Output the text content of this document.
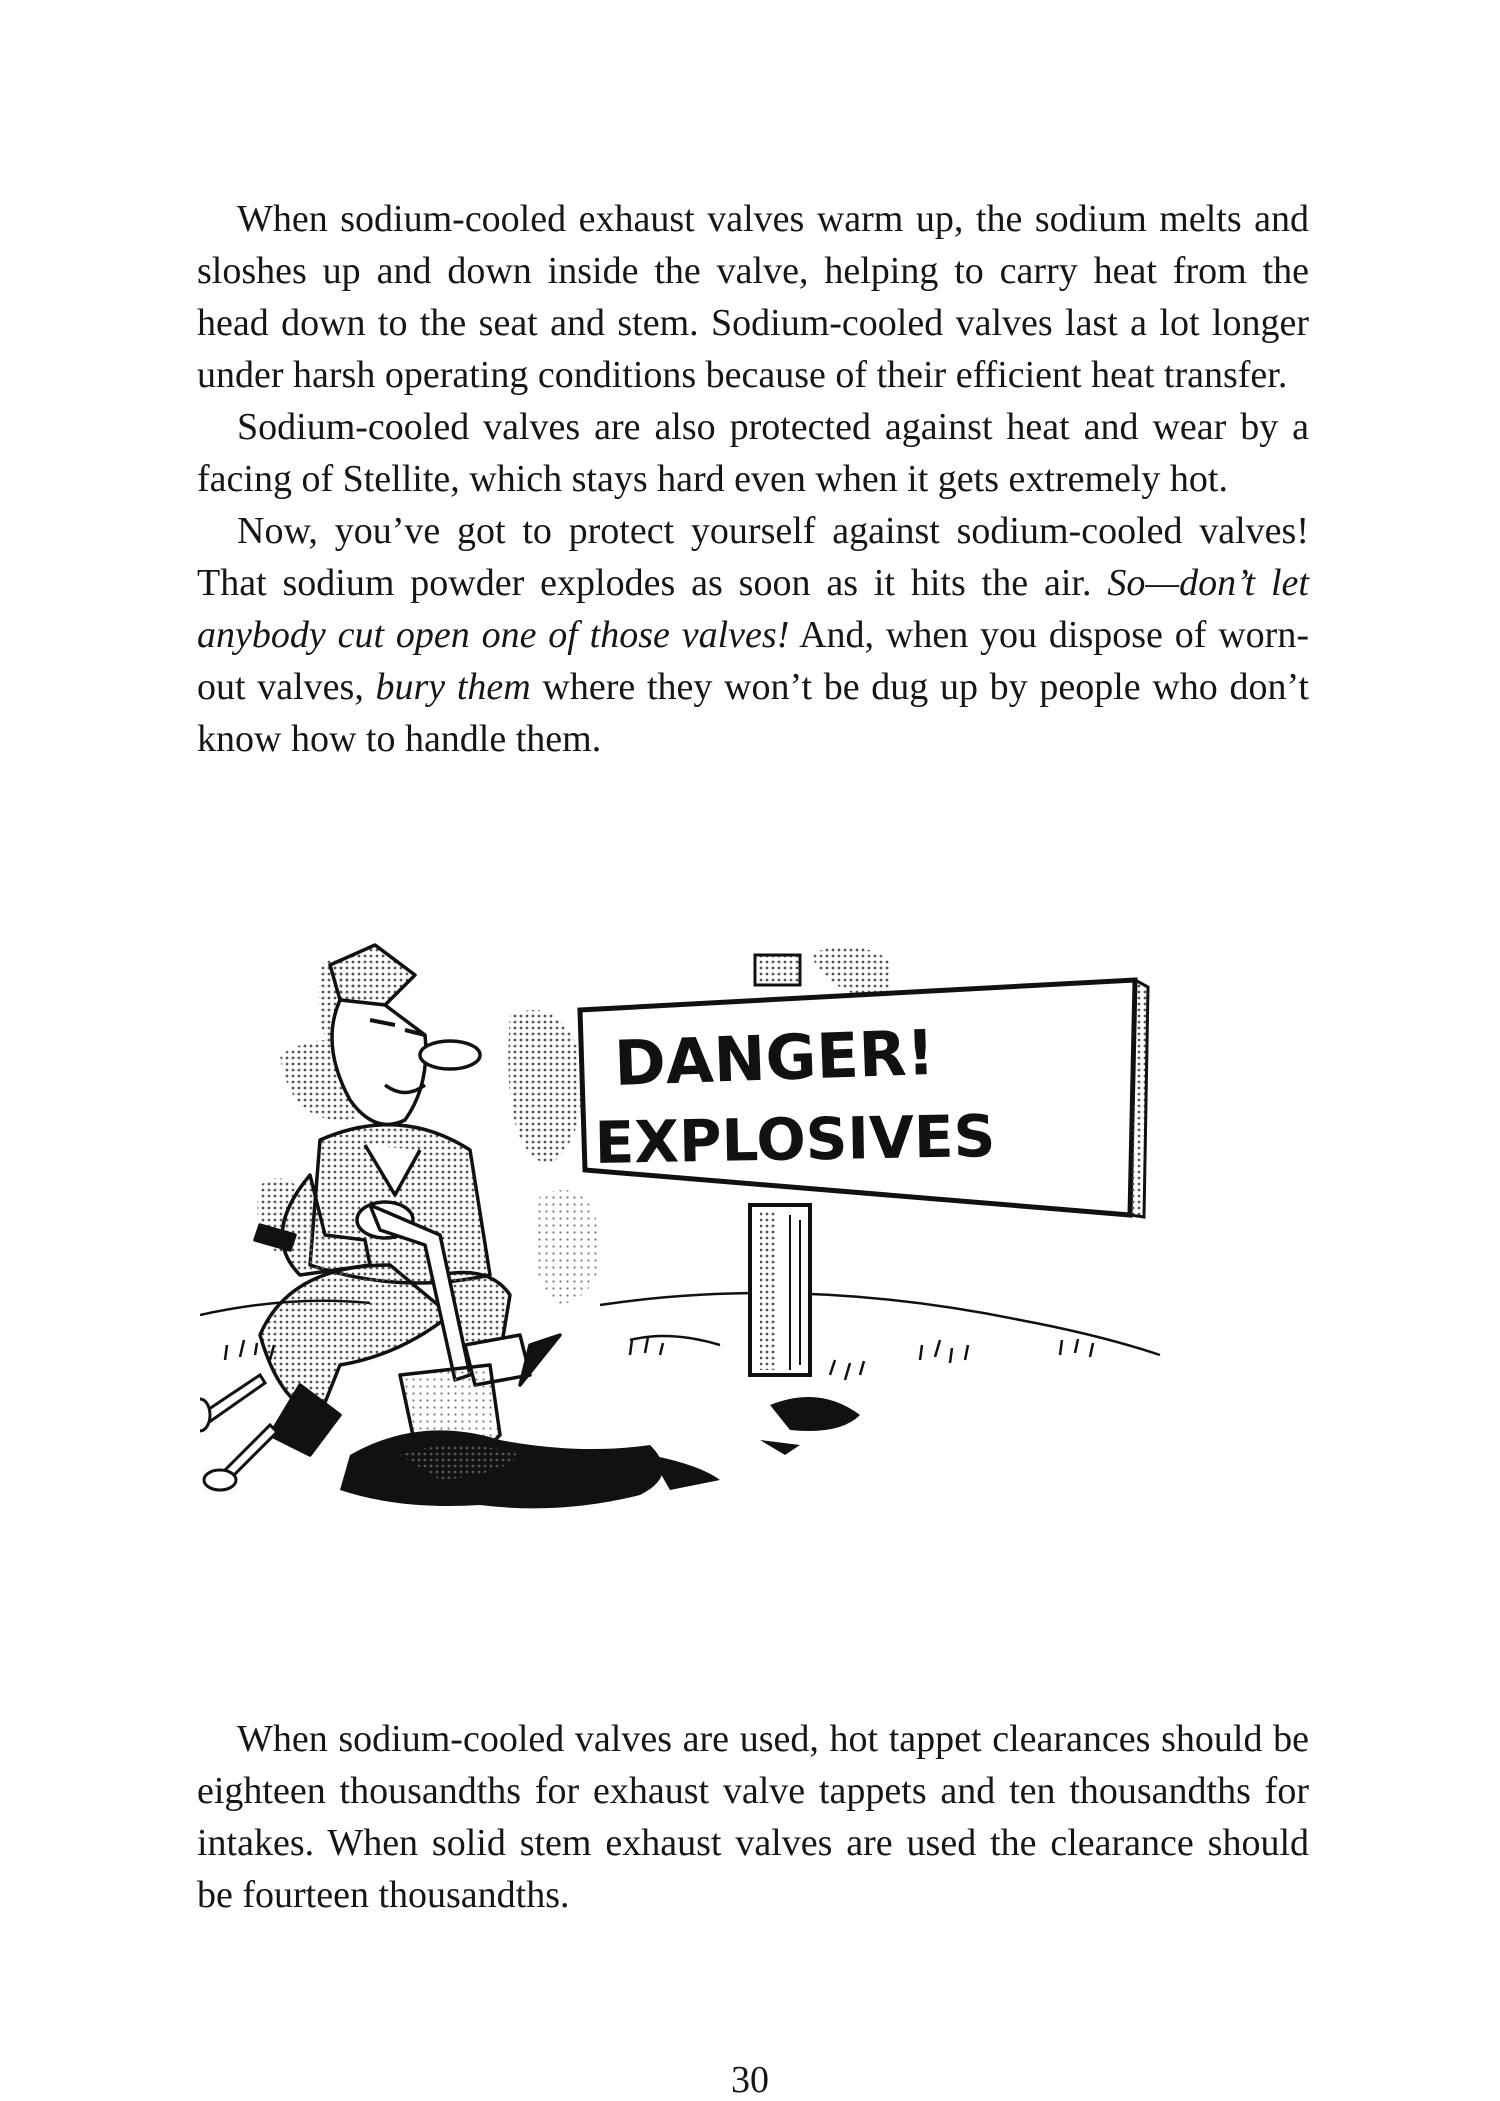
When sodium-cooled exhaust valves warm up, the sodium melts and sloshes up and down inside the valve, helping to carry heat from the head down to the seat and stem. Sodium-cooled valves last a lot longer under harsh operating conditions because of their efficient heat transfer.

Sodium-cooled valves are also protected against heat and wear by a facing of Stellite, which stays hard even when it gets extremely hot.

Now, you’ve got to protect yourself against sodium-cooled valves! That sodium powder explodes as soon as it hits the air. So—don’t let anybody cut open one of those valves! And, when you dispose of worn-out valves, bury them where they won’t be dug up by people who don’t know how to handle them.

DANGER!
EXPLOSIVES

When sodium-cooled valves are used, hot tappet clearances should be eighteen thousandths for exhaust valve tappets and ten thousandths for intakes. When solid stem exhaust valves are used the clearance should be fourteen thousandths.

30
